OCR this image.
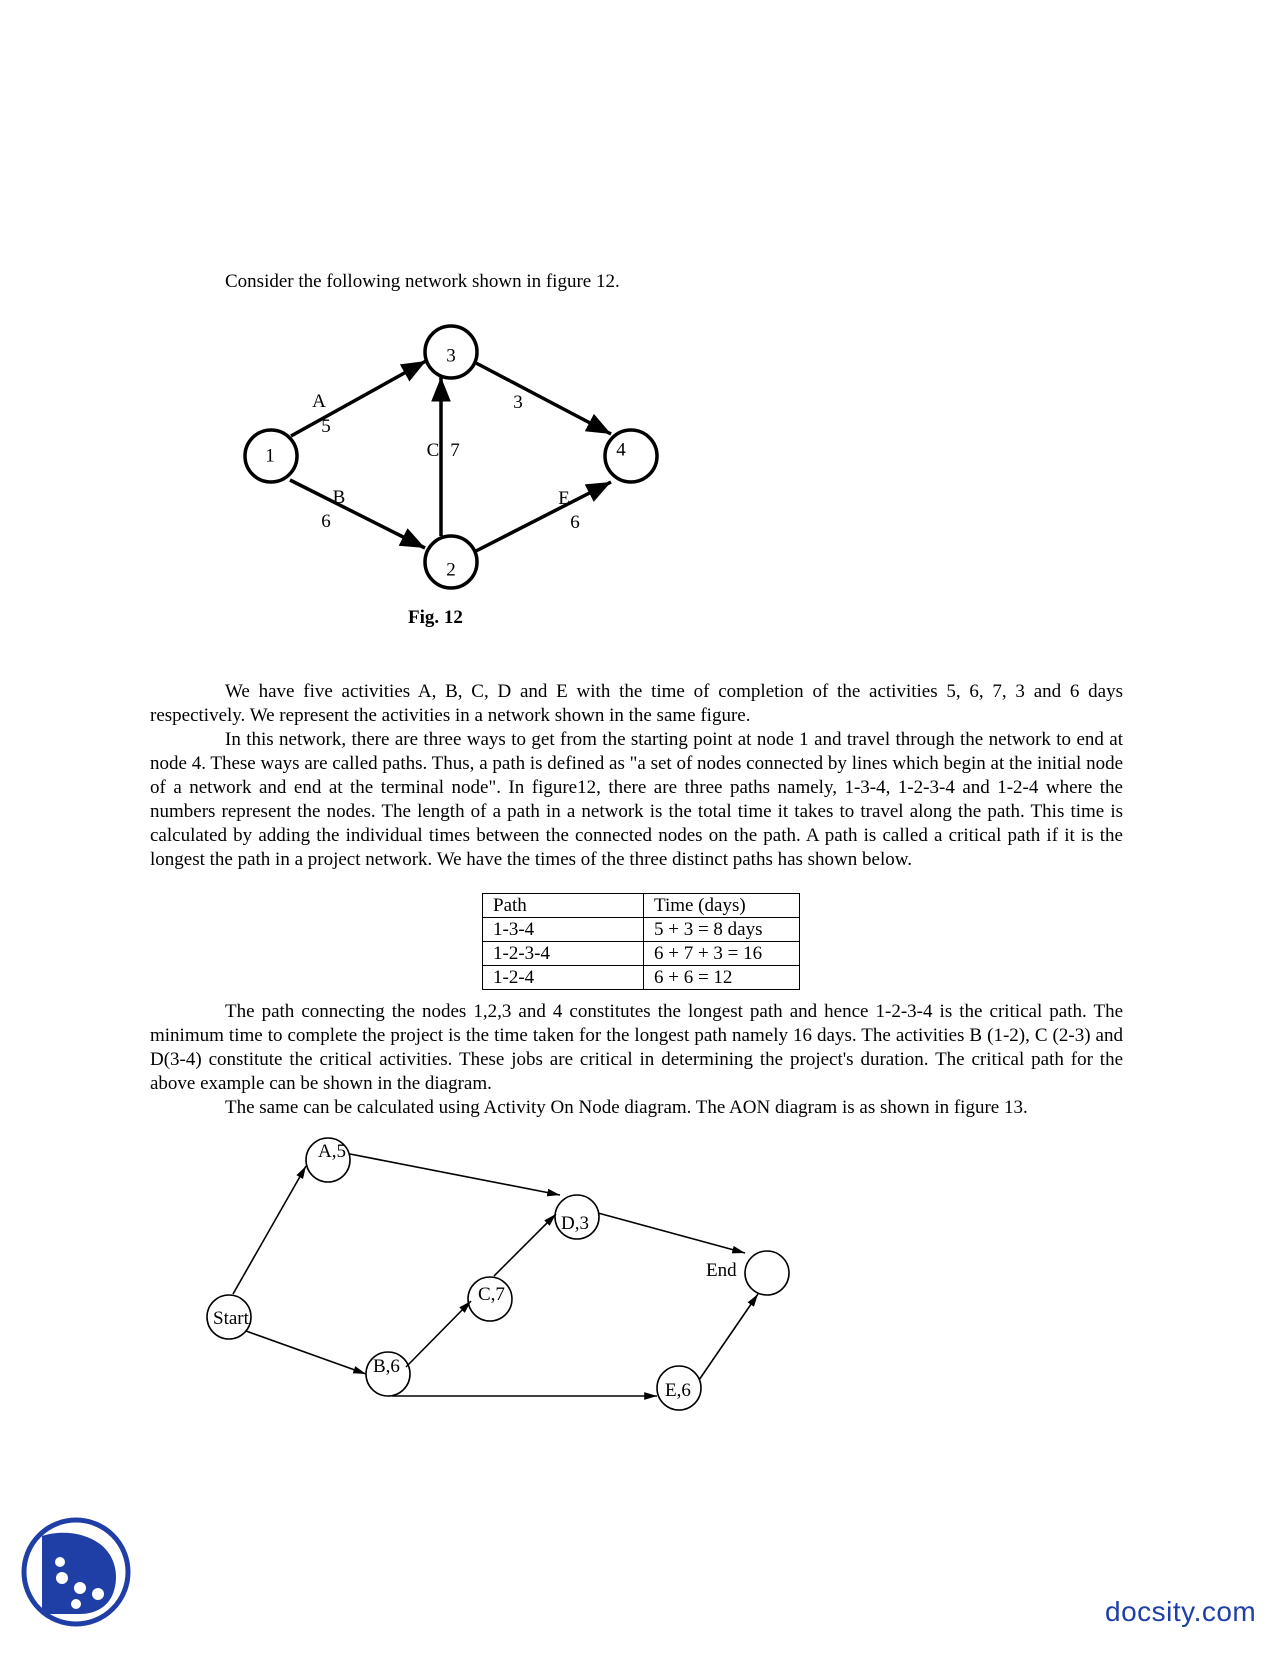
Consider the following network shown in figure 12.

1
2
3
4
A
5
B
6
C 7
3
E
6
Start
A,5
B,6
C,7
D,3
E,6
End

Fig. 12

We have five activities A, B, C, D and E with the time of completion of the activities 5, 6, 7, 3 and 6 days respectively. We represent the activities in a network shown in the same figure.

In this network, there are three ways to get from the starting point at node 1 and travel through the network to end at node 4. These ways are called paths. Thus, a path is defined as "a set of nodes connected by lines which begin at the initial node of a network and end at the terminal node". In figure12, there are three paths namely, 1-3-4, 1-2-3-4 and 1-2-4 where the numbers represent the nodes. The length of a path in a network is the total time it takes to travel along the path. This time is calculated by adding the individual times between the connected nodes on the path. A path is called a critical path if it is the longest the path in a project network. We have the times of the three distinct paths has shown below.

Path	Time (days)
1-3-4	5 + 3 = 8 days
1-2-3-4	6 + 7 + 3 = 16
1-2-4	6 + 6 = 12

The path connecting the nodes 1,2,3 and 4 constitutes the longest path and hence 1-2-3-4 is the critical path. The minimum time to complete the project is the time taken for the longest path namely 16 days. The activities B (1-2), C (2-3) and D(3-4) constitute the critical activities. These jobs are critical in determining the project's duration. The critical path for the above example can be shown in the diagram.

The same can be calculated using Activity On Node diagram. The AON diagram is as shown in figure 13.

docsity.com
